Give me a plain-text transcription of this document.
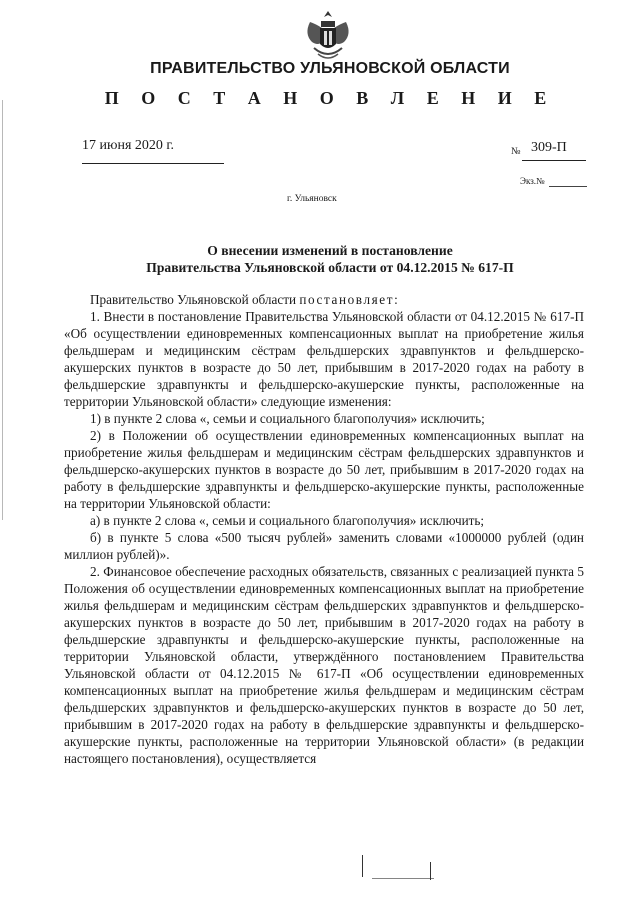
ПРАВИТЕЛЬСТВО УЛЬЯНОВСКОЙ ОБЛАСТИ
П О С Т А Н О В Л Е Н И Е
17 июня 2020 г.	№ 309-П
Экз.№
г. Ульяновск
О внесении изменений в постановление
Правительства Ульяновской области от 04.12.2015 № 617-П

Правительство Ульяновской области постановляет:

1. Внести в постановление Правительства Ульяновской области от 04.12.2015 № 617-П «Об осуществлении единовременных компенсационных выплат на приобретение жилья фельдшерам и медицинским сёстрам фельдшерских здравпунктов и фельдшерско-акушерских пунктов в возрасте до 50 лет, прибывшим в 2017-2020 годах на работу в фельдшерские здравпункты и фельдшерско-акушерские пункты, расположенные на территории Ульяновской области» следующие изменения:

1) в пункте 2 слова «, семьи и социального благополучия» исключить;

2) в Положении об осуществлении единовременных компенсационных выплат на приобретение жилья фельдшерам и медицинским сёстрам фельдшерских здравпунктов и фельдшерско-акушерских пунктов в возрасте до 50 лет, прибывшим в 2017-2020 годах на работу в фельдшерские здравпункты и фельдшерско-акушерские пункты, расположенные на территории Ульяновской области:

а) в пункте 2 слова «, семьи и социального благополучия» исключить;

б) в пункте 5 слова «500 тысяч рублей» заменить словами «1000000 рублей (один миллион рублей)».

2. Финансовое обеспечение расходных обязательств, связанных с реализацией пункта 5 Положения об осуществлении единовременных компенсационных выплат на приобретение жилья фельдшерам и медицинским сёстрам фельдшерских здравпунктов и фельдшерско-акушерских пунктов в возрасте до 50 лет, прибывшим в 2017-2020 годах на работу в фельдшерские здравпункты и фельдшерско-акушерские пункты, расположенные на территории Ульяновской области, утверждённого постановлением Правительства Ульяновской области от 04.12.2015 № 617-П «Об осуществлении единовременных компенсационных выплат на приобретение жилья фельдшерам и медицинским сёстрам фельдшерских здравпунктов и фельдшерско-акушерских пунктов в возрасте до 50 лет, прибывшим в 2017-2020 годах на работу в фельдшерские здравпункты и фельдшерско-акушерские пункты, расположенные на территории Ульяновской области» (в редакции настоящего постановления), осуществляется
